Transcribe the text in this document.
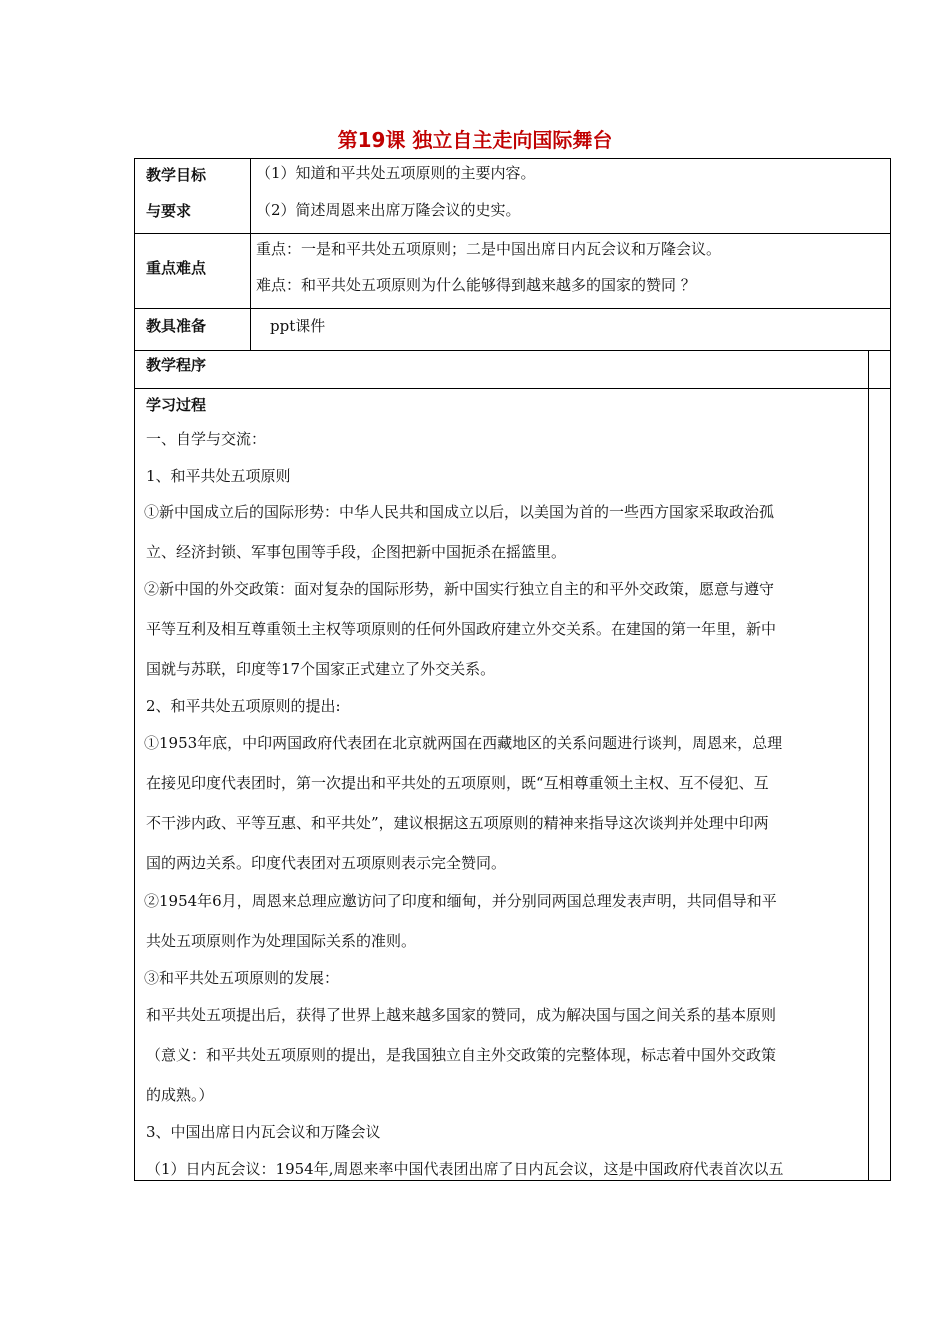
第19课 独立自主走向国际舞台
教学目标
与要求
（1）知道和平共处五项原则的主要内容。
（2）简述周恩来出席万隆会议的史实。
重点难点
重点：一是和平共处五项原则；二是中国出席日内瓦会议和万隆会议。
难点：和平共处五项原则为什么能够得到越来越多的国家的赞同 ？
教具准备	ppt课件
教学程序
学习过程
一、自学与交流：
1、和平共处五项原则
①新中国成立后的国际形势：中华人民共和国成立以后，以美国为首的一些西方国家采取政治孤
立、经济封锁、军事包围等手段，企图把新中国扼杀在摇篮里。
②新中国的外交政策：面对复杂的国际形势，新中国实行独立自主的和平外交政策，愿意与遵守
平等互利及相互尊重领土主权等项原则的任何外国政府建立外交关系。在建国的第一年里，新中
国就与苏联，印度等17个国家正式建立了外交关系。
2、和平共处五项原则的提出:
①1953年底，中印两国政府代表团在北京就两国在西藏地区的关系问题进行谈判，周恩来，总理
在接见印度代表团时，第一次提出和平共处的五项原则，既“互相尊重领土主权、互不侵犯、互
不干涉内政、平等互惠、和平共处”，建议根据这五项原则的精神来指导这次谈判并处理中印两
国的两边关系。印度代表团对五项原则表示完全赞同。
②1954年6月，周恩来总理应邀访问了印度和缅甸，并分别同两国总理发表声明，共同倡导和平
共处五项原则作为处理国际关系的准则。
③和平共处五项原则的发展：
和平共处五项提出后，获得了世界上越来越多国家的赞同，成为解决国与国之间关系的基本原则
（意义：和平共处五项原则的提出，是我国独立自主外交政策的完整体现，标志着中国外交政策
的成熟。）
3、中国出席日内瓦会议和万隆会议
（1）日内瓦会议：1954年,周恩来率中国代表团出席了日内瓦会议，这是中国政府代表首次以五
